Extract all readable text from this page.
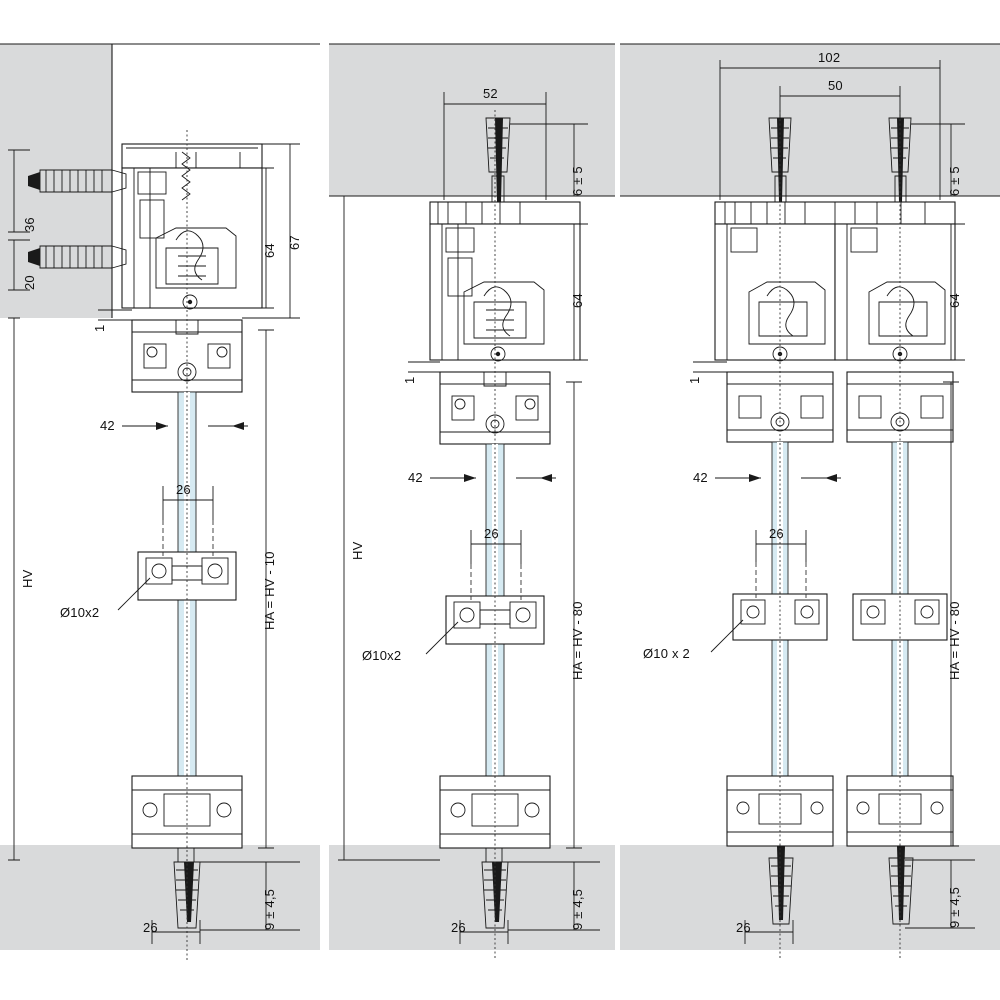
36
20
64
67
1
42
26
HV	HA = HV - 10
Ø10x2
26	9 ± 4,5
52
6 ± 5
64
1
42
26
HV
HA = HV - 80
Ø10x2
26	9 ± 4,5
102
50
6 ± 5
64
1
42
26
HA = HV - 80
Ø10 x 2
26	9 ± 4,5
